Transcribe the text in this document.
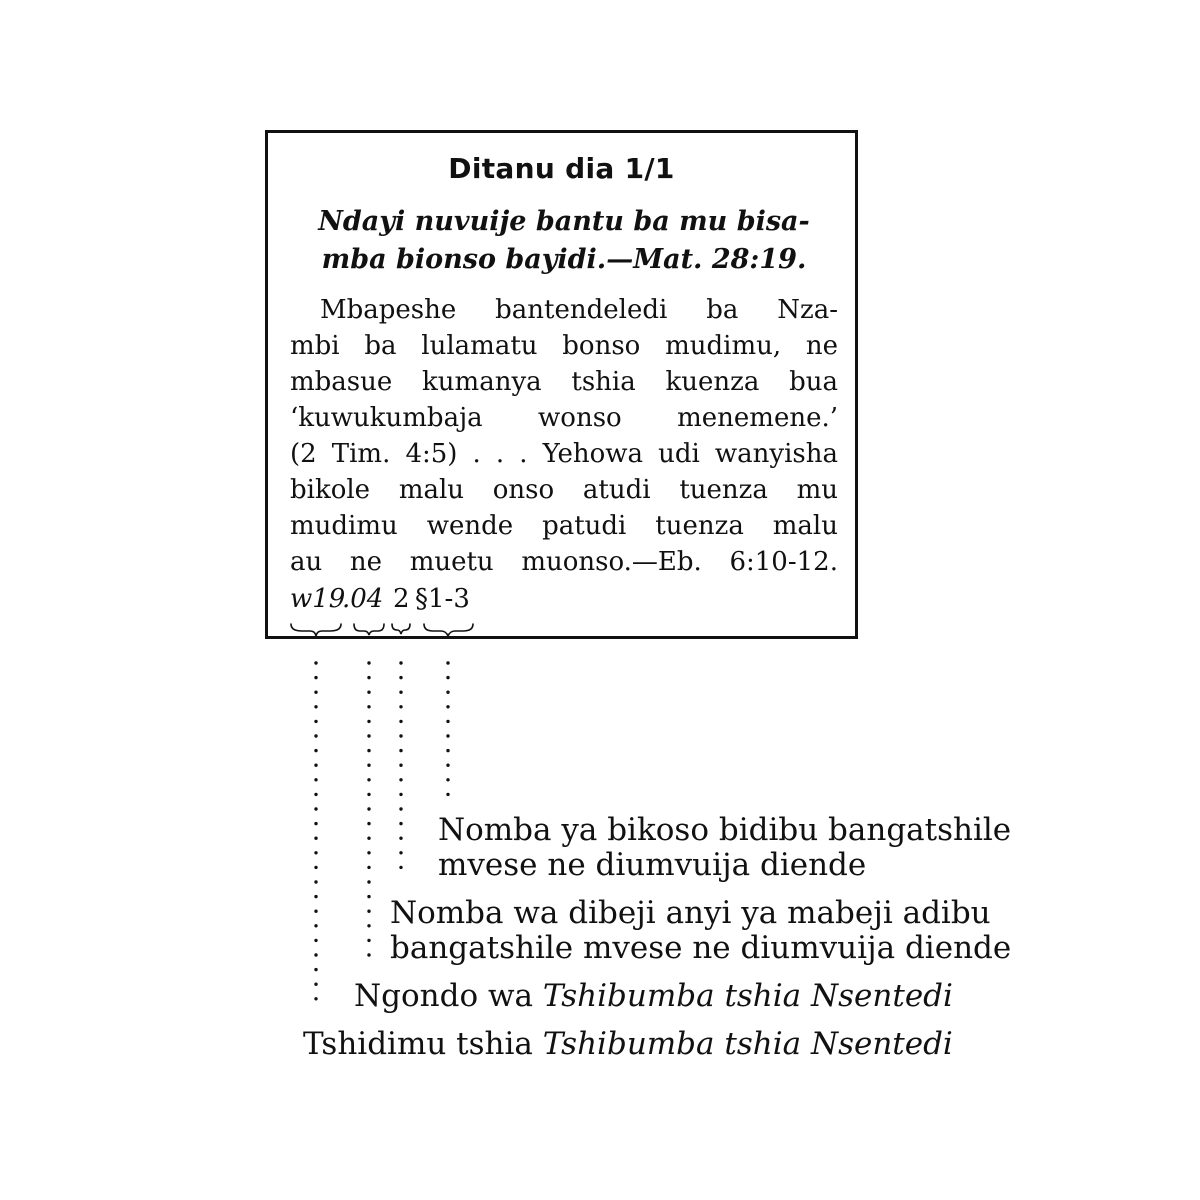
Ditanu dia 1/1
Ndayi nuvuije bantu ba mu bisa-
mba bionso bayidi.—Mat. 28:19.
Mbapeshe bantendeledi ba Nza-
mbi ba lulamatu bonso mudimu, ne
mbasue kumanya tshia kuenza bua
‘kuwukumbaja wonso menemene.’
(2 Tim. 4:5) . . . Yehowa udi wanyisha
bikole malu onso atudi tuenza mu
mudimu wende patudi tuenza malu
au ne muetu muonso.—Eb. 6:10-12.
w19
.04 2 §1-3
Nomba ya bikoso bidibu bangatshile
mvese ne diumvuija diende
Nomba wa dibeji anyi ya mabeji adibu
bangatshile mvese ne diumvuija diende
Ngondo wa Tshibumba tshia Nsentedi
Tshidimu tshia Tshibumba tshia Nsentedi
